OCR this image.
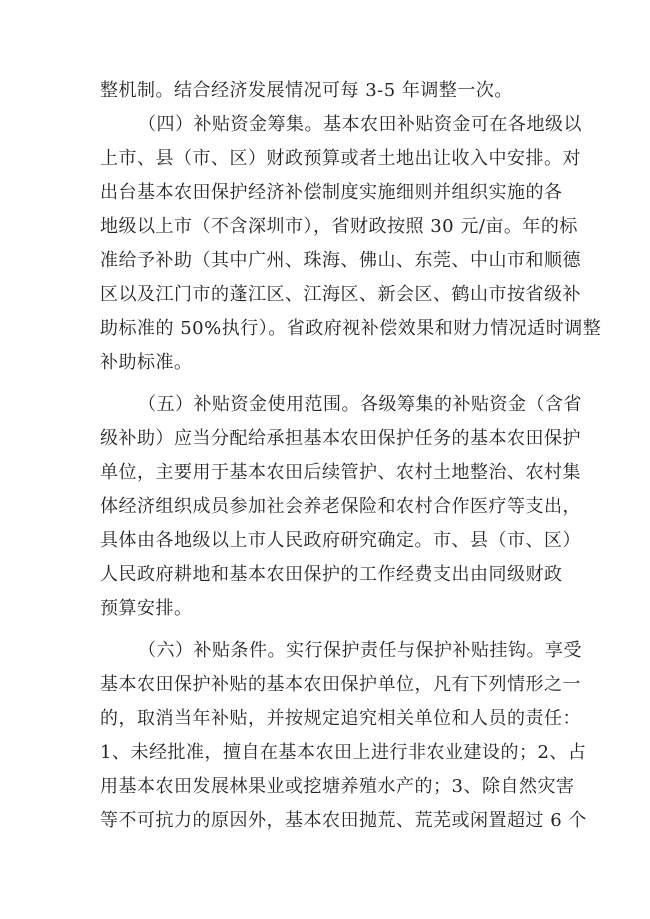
整机制。结合经济发展情况可每 3-5 年调整一次。
（四）补贴资金筹集。基本农田补贴资金可在各地级以
上市、县（市、区）财政预算或者土地出让收入中安排。对
出台基本农田保护经济补偿制度实施细则并组织实施的各
地级以上市（不含深圳市），省财政按照 30 元/亩。年的标
准给予补助（其中广州、珠海、佛山、东莞、中山市和顺德
区以及江门市的蓬江区、江海区、新会区、鹤山市按省级补
助标准的 50%执行）。省政府视补偿效果和财力情况适时调整
补助标准。
（五）补贴资金使用范围。各级筹集的补贴资金（含省
级补助）应当分配给承担基本农田保护任务的基本农田保护
单位，主要用于基本农田后续管护、农村土地整治、农村集
体经济组织成员参加社会养老保险和农村合作医疗等支出，
具体由各地级以上市人民政府研究确定。市、县（市、区）
人民政府耕地和基本农田保护的工作经费支出由同级财政
预算安排。
（六）补贴条件。实行保护责任与保护补贴挂钩。享受
基本农田保护补贴的基本农田保护单位，凡有下列情形之一
的，取消当年补贴，并按规定追究相关单位和人员的责任：
1、未经批准，擅自在基本农田上进行非农业建设的；2、占
用基本农田发展林果业或挖塘养殖水产的；3、除自然灾害
等不可抗力的原因外，基本农田抛荒、荒芜或闲置超过 6 个
